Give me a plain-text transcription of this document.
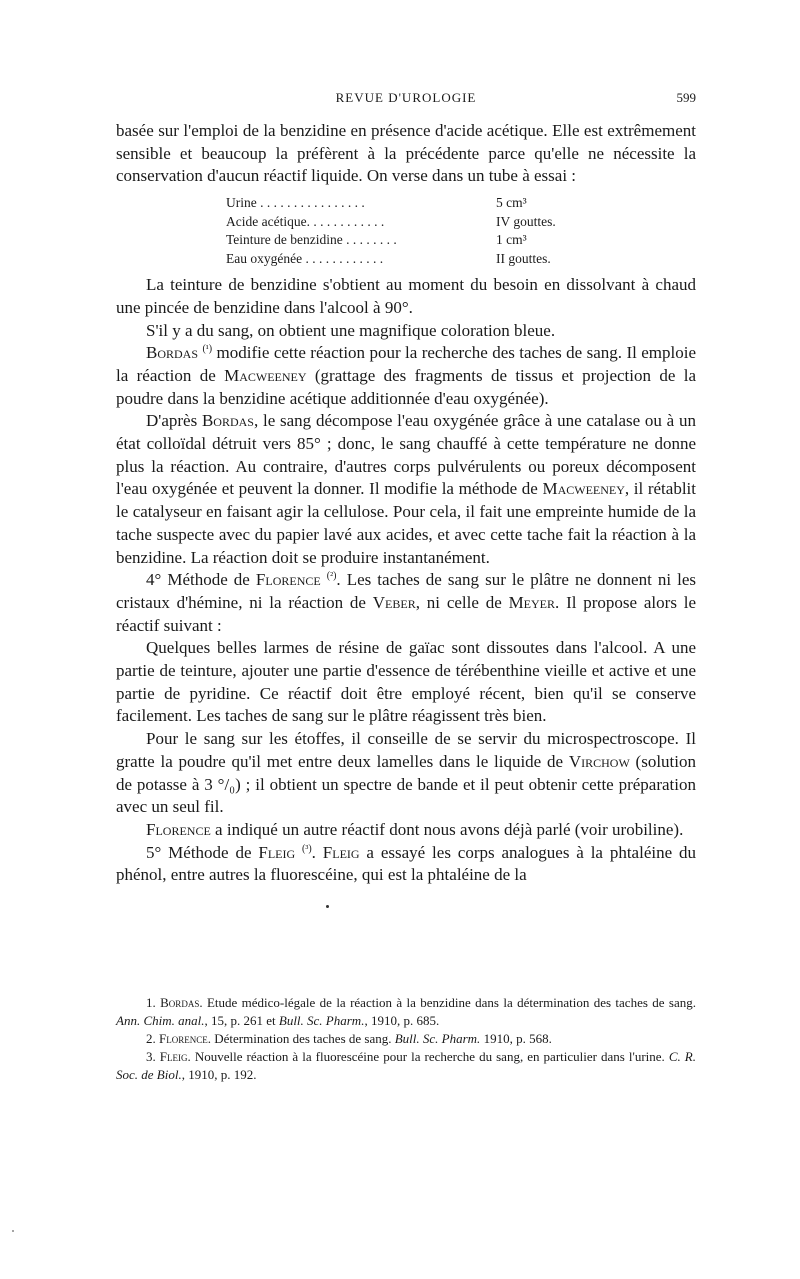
REVUE D'UROLOGIE	599

basée sur l'emploi de la benzidine en présence d'acide acétique. Elle est extrêmement sensible et beaucoup la préfèrent à la précédente parce qu'elle ne nécessite la conservation d'aucun réactif liquide. On verse dans un tube à essai :

Urine . . . . . . . . . . . . . . . .	5 cm³
Acide acétique. . . . . . . . . . . .	IV gouttes.
Teinture de benzidine . . . . . . . .	1 cm³
Eau oxygénée . . . . . . . . . . . .	II gouttes.

La teinture de benzidine s'obtient au moment du besoin en dissolvant à chaud une pincée de benzidine dans l'alcool à 90°.

S'il y a du sang, on obtient une magnifique coloration bleue.

Bordas $^{(^1)}$ modifie cette réaction pour la recherche des taches de sang. Il emploie la réaction de Macweeney (grattage des fragments de tissus et projection de la poudre dans la benzidine acétique additionnée d'eau oxygénée).

D'après Bordas, le sang décompose l'eau oxygénée grâce à une catalase ou à un état colloïdal détruit vers 85° ; donc, le sang chauffé à cette température ne donne plus la réaction. Au contraire, d'autres corps pulvérulents ou poreux décomposent l'eau oxygénée et peuvent la donner. Il modifie la méthode de Macweeney, il rétablit le catalyseur en faisant agir la cellulose. Pour cela, il fait une empreinte humide de la tache suspecte avec du papier lavé aux acides, et avec cette tache fait la réaction à la benzidine. La réaction doit se produire instantanément.

4° Méthode de Florence $^{(^2)}$. Les taches de sang sur le plâtre ne donnent ni les cristaux d'hémine, ni la réaction de Veber, ni celle de Meyer. Il propose alors le réactif suivant :

Quelques belles larmes de résine de gaïac sont dissoutes dans l'alcool. A une partie de teinture, ajouter une partie d'essence de térébenthine vieille et active et une partie de pyridine. Ce réactif doit être employé récent, bien qu'il se conserve facilement. Les taches de sang sur le plâtre réagissent très bien.

Pour le sang sur les étoffes, il conseille de se servir du microspectroscope. Il gratte la poudre qu'il met entre deux lamelles dans le liquide de Virchow (solution de potasse à 3 °/₀) ; il obtient un spectre de bande et il peut obtenir cette préparation avec un seul fil.

Florence a indiqué un autre réactif dont nous avons déjà parlé (voir urobiline).

5° Méthode de Fleig $^{(^3)}$. Fleig a essayé les corps analogues à la phtaléine du phénol, entre autres la fluorescéine, qui est la phtaléine de la

1. Bordas. Etude médico-légale de la réaction à la benzidine dans la détermination des taches de sang. Ann. Chim. anal., 15, p. 261 et Bull. Sc. Pharm., 1910, p. 685.

2. Florence. Détermination des taches de sang. Bull. Sc. Pharm. 1910, p. 568.

3. Fleig. Nouvelle réaction à la fluorescéine pour la recherche du sang, en particulier dans l'urine. C. R. Soc. de Biol., 1910, p. 192.
